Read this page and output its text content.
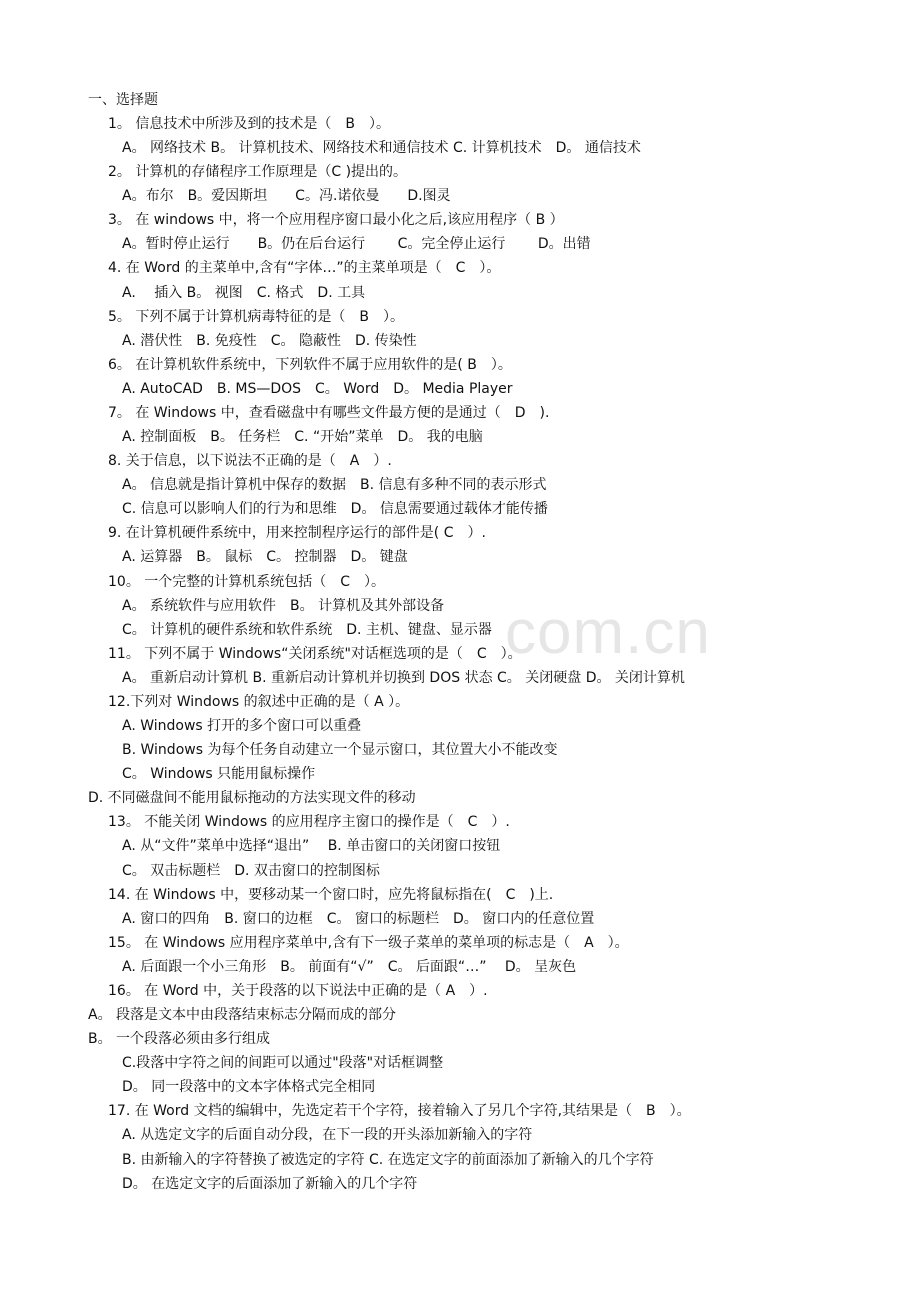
com.cn
一、选择题
1。 信息技术中所涉及到的技术是（　B　）。
A。 网络技术 B。 计算机技术、网络技术和通信技术 C. 计算机技术　D。 通信技术
2。 计算机的存储程序工作原理是（C )提出的。
A。布尔　B。爱因斯坦　　C。冯.诺依曼　　D.图灵
3。 在 windows 中，将一个应用程序窗口最小化之后,该应用程序（ B ）
A。暂时停止运行　　B。仍在后台运行　　 C。完全停止运行　　 D。出错
4. 在 Word 的主菜单中,含有“字体…”的主菜单项是（　C　）。
A.　 插入 B。 视图　C. 格式　D. 工具
5。 下列不属于计算机病毒特征的是（　B　）。
A. 潜伏性　B. 免疫性　C。 隐蔽性　D. 传染性
6。 在计算机软件系统中，下列软件不属于应用软件的是( B　）。
A. AutoCAD　B. MS—DOS　C。 Word　D。 Media Player
7。 在 Windows 中，查看磁盘中有哪些文件最方便的是通过（　D　).
A. 控制面板　B。 任务栏　C. “开始”菜单　D。 我的电脑
8. 关于信息，以下说法不正确的是（　A　）.
A。 信息就是指计算机中保存的数据　B. 信息有多种不同的表示形式
C. 信息可以影响人们的行为和思维　D。 信息需要通过载体才能传播
9. 在计算机硬件系统中，用来控制程序运行的部件是( C　）.
A. 运算器　B。 鼠标　C。 控制器　D。 键盘
10。 一个完整的计算机系统包括（　C　）。
A。 系统软件与应用软件　B。 计算机及其外部设备
C。 计算机的硬件系统和软件系统　D. 主机、键盘、显示器
11。 下列不属于 Windows“关闭系统"对话框选项的是（　C　）。
A。 重新启动计算机 B. 重新启动计算机并切换到 DOS 状态 C。 关闭硬盘 D。 关闭计算机
12.下列对 Windows 的叙述中正确的是（ A ）。
A. Windows 打开的多个窗口可以重叠
B. Windows 为每个任务自动建立一个显示窗口，其位置大小不能改变
C。 Windows 只能用鼠标操作
D. 不同磁盘间不能用鼠标拖动的方法实现文件的移动
13。 不能关闭 Windows 的应用程序主窗口的操作是（　C　）.
A. 从“文件”菜单中选择“退出”　 B. 单击窗口的关闭窗口按钮
C。 双击标题栏　D. 双击窗口的控制图标
14. 在 Windows 中，要移动某一个窗口时，应先将鼠标指在(　C　)上.
A. 窗口的四角　B. 窗口的边框　C。 窗口的标题栏　D。 窗口内的任意位置
15。 在 Windows 应用程序菜单中,含有下一级子菜单的菜单项的标志是（　A　）。
A. 后面跟一个小三角形　B。 前面有“√”　C。 后面跟“…”　 D。 呈灰色
16。 在 Word 中，关于段落的以下说法中正确的是（ A　）.
A。 段落是文本中由段落结束标志分隔而成的部分
B。 一个段落必须由多行组成
C.段落中字符之间的间距可以通过"段落"对话框调整
D。 同一段落中的文本字体格式完全相同
17. 在 Word 文档的编辑中，先选定若干个字符，接着输入了另几个字符,其结果是（　B　）。
A. 从选定文字的后面自动分段，在下一段的开头添加新输入的字符
B. 由新输入的字符替换了被选定的字符 C. 在选定文字的前面添加了新输入的几个字符
D。 在选定文字的后面添加了新输入的几个字符
